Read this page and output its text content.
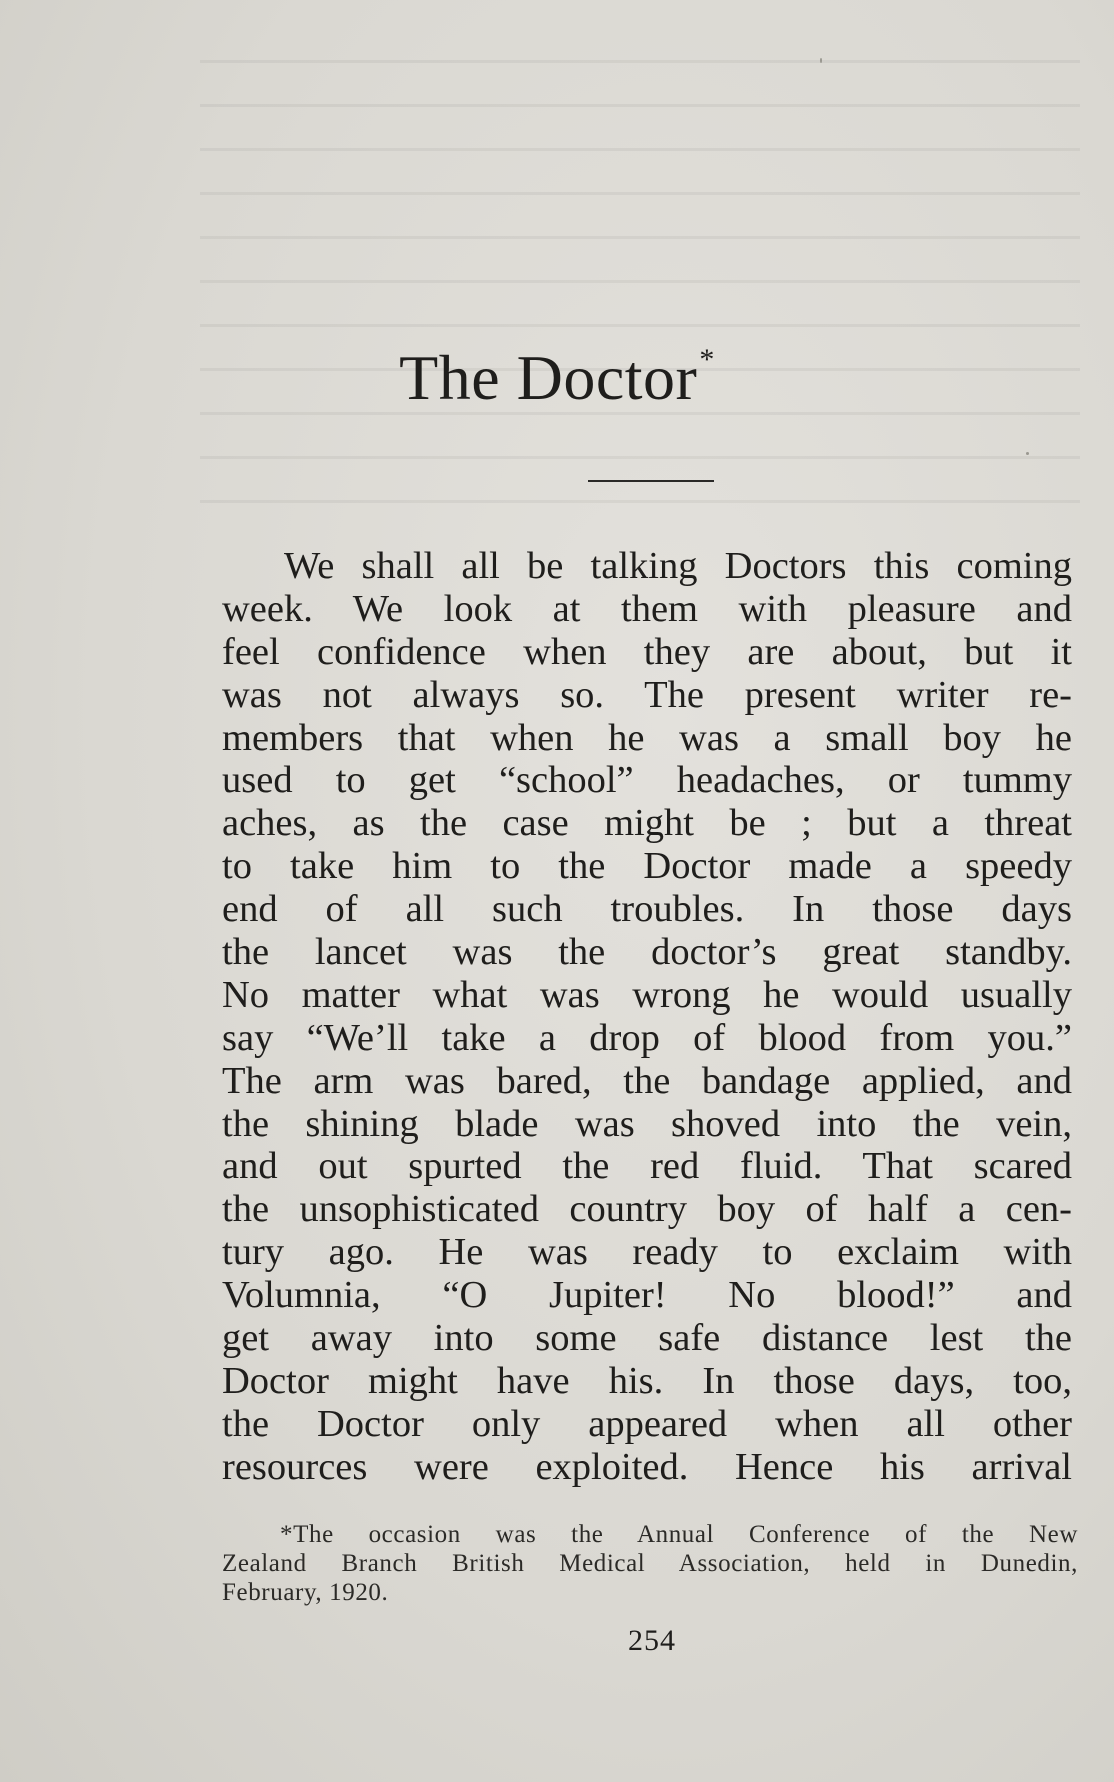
The Doctor*
We shall all be talking Doctors this coming
week. We look at them with pleasure and
feel confidence when they are about, but it
was not always so. The present writer re-
members that when he was a small boy he
used to get “school” headaches, or tummy
aches, as the case might be ; but a threat
to take him to the Doctor made a speedy
end of all such troubles. In those days
the lancet was the doctor’s great standby.
No matter what was wrong he would usually
say “We’ll take a drop of blood from you.”
The arm was bared, the bandage applied, and
the shining blade was shoved into the vein,
and out spurted the red fluid. That scared
the unsophisticated country boy of half a cen-
tury ago. He was ready to exclaim with
Volumnia, “O Jupiter! No blood!” and
get away into some safe distance lest the
Doctor might have his. In those days, too,
the Doctor only appeared when all other
resources were exploited. Hence his arrival
*The occasion was the Annual Conference of the New
Zealand Branch British Medical Association, held in Dunedin,
February, 1920.
254
